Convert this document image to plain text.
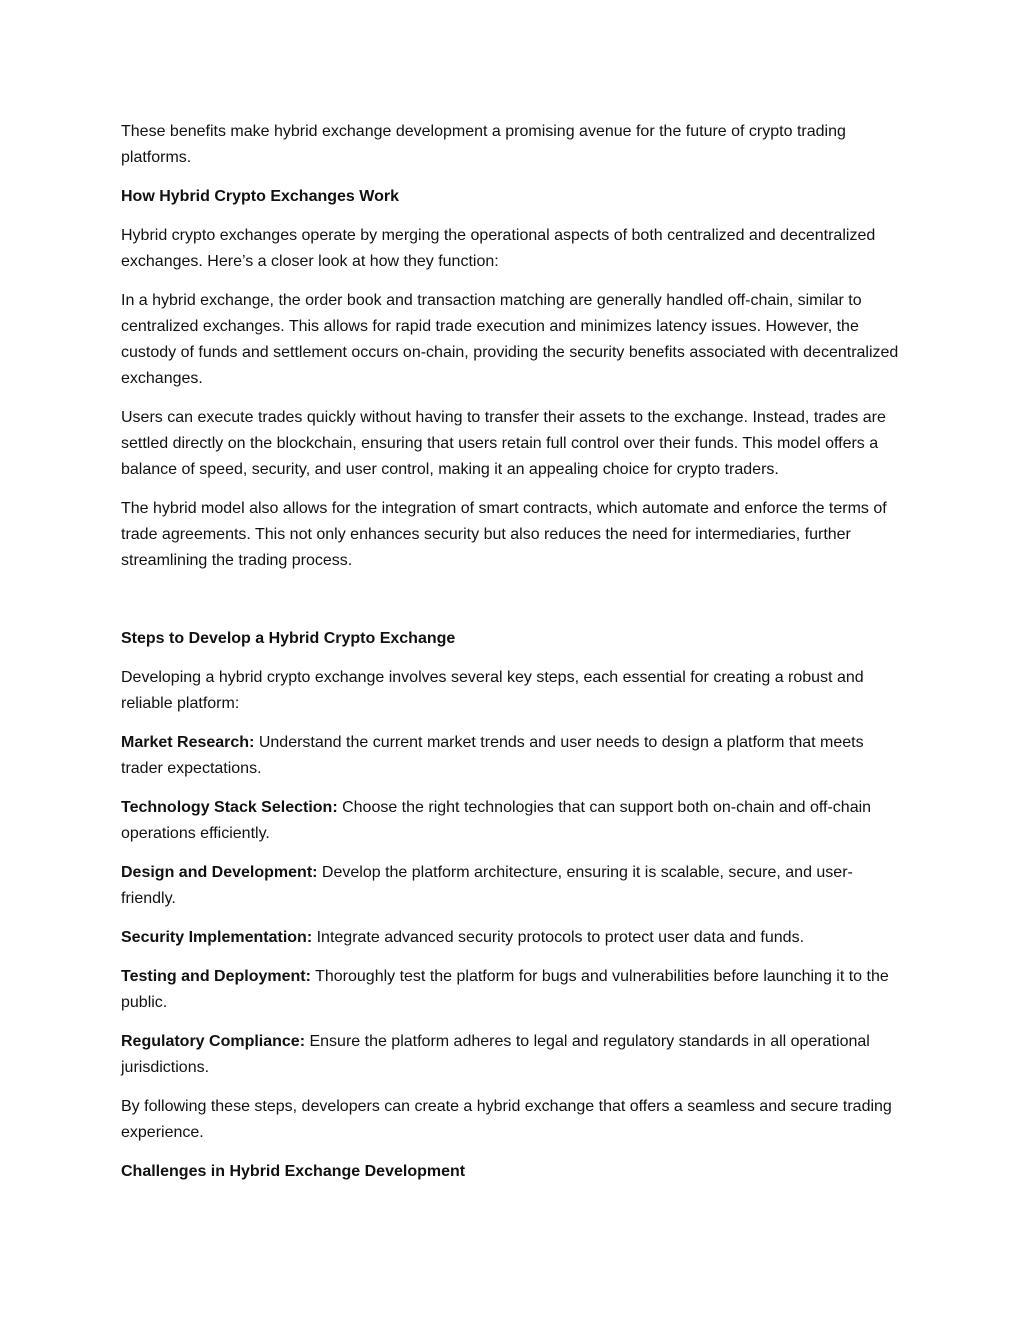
These benefits make hybrid exchange development a promising avenue for the future of crypto trading platforms.

How Hybrid Crypto Exchanges Work

Hybrid crypto exchanges operate by merging the operational aspects of both centralized and decentralized exchanges. Here’s a closer look at how they function:

In a hybrid exchange, the order book and transaction matching are generally handled off-chain, similar to centralized exchanges. This allows for rapid trade execution and minimizes latency issues. However, the custody of funds and settlement occurs on-chain, providing the security benefits associated with decentralized exchanges.

Users can execute trades quickly without having to transfer their assets to the exchange. Instead, trades are settled directly on the blockchain, ensuring that users retain full control over their funds. This model offers a balance of speed, security, and user control, making it an appealing choice for crypto traders.

The hybrid model also allows for the integration of smart contracts, which automate and enforce the terms of trade agreements. This not only enhances security but also reduces the need for intermediaries, further streamlining the trading process.

Steps to Develop a Hybrid Crypto Exchange

Developing a hybrid crypto exchange involves several key steps, each essential for creating a robust and reliable platform:

Market Research: Understand the current market trends and user needs to design a platform that meets trader expectations.

Technology Stack Selection: Choose the right technologies that can support both on-chain and off-chain operations efficiently.

Design and Development: Develop the platform architecture, ensuring it is scalable, secure, and user-friendly.

Security Implementation: Integrate advanced security protocols to protect user data and funds.

Testing and Deployment: Thoroughly test the platform for bugs and vulnerabilities before launching it to the public.

Regulatory Compliance: Ensure the platform adheres to legal and regulatory standards in all operational jurisdictions.

By following these steps, developers can create a hybrid exchange that offers a seamless and secure trading experience.

Challenges in Hybrid Exchange Development
